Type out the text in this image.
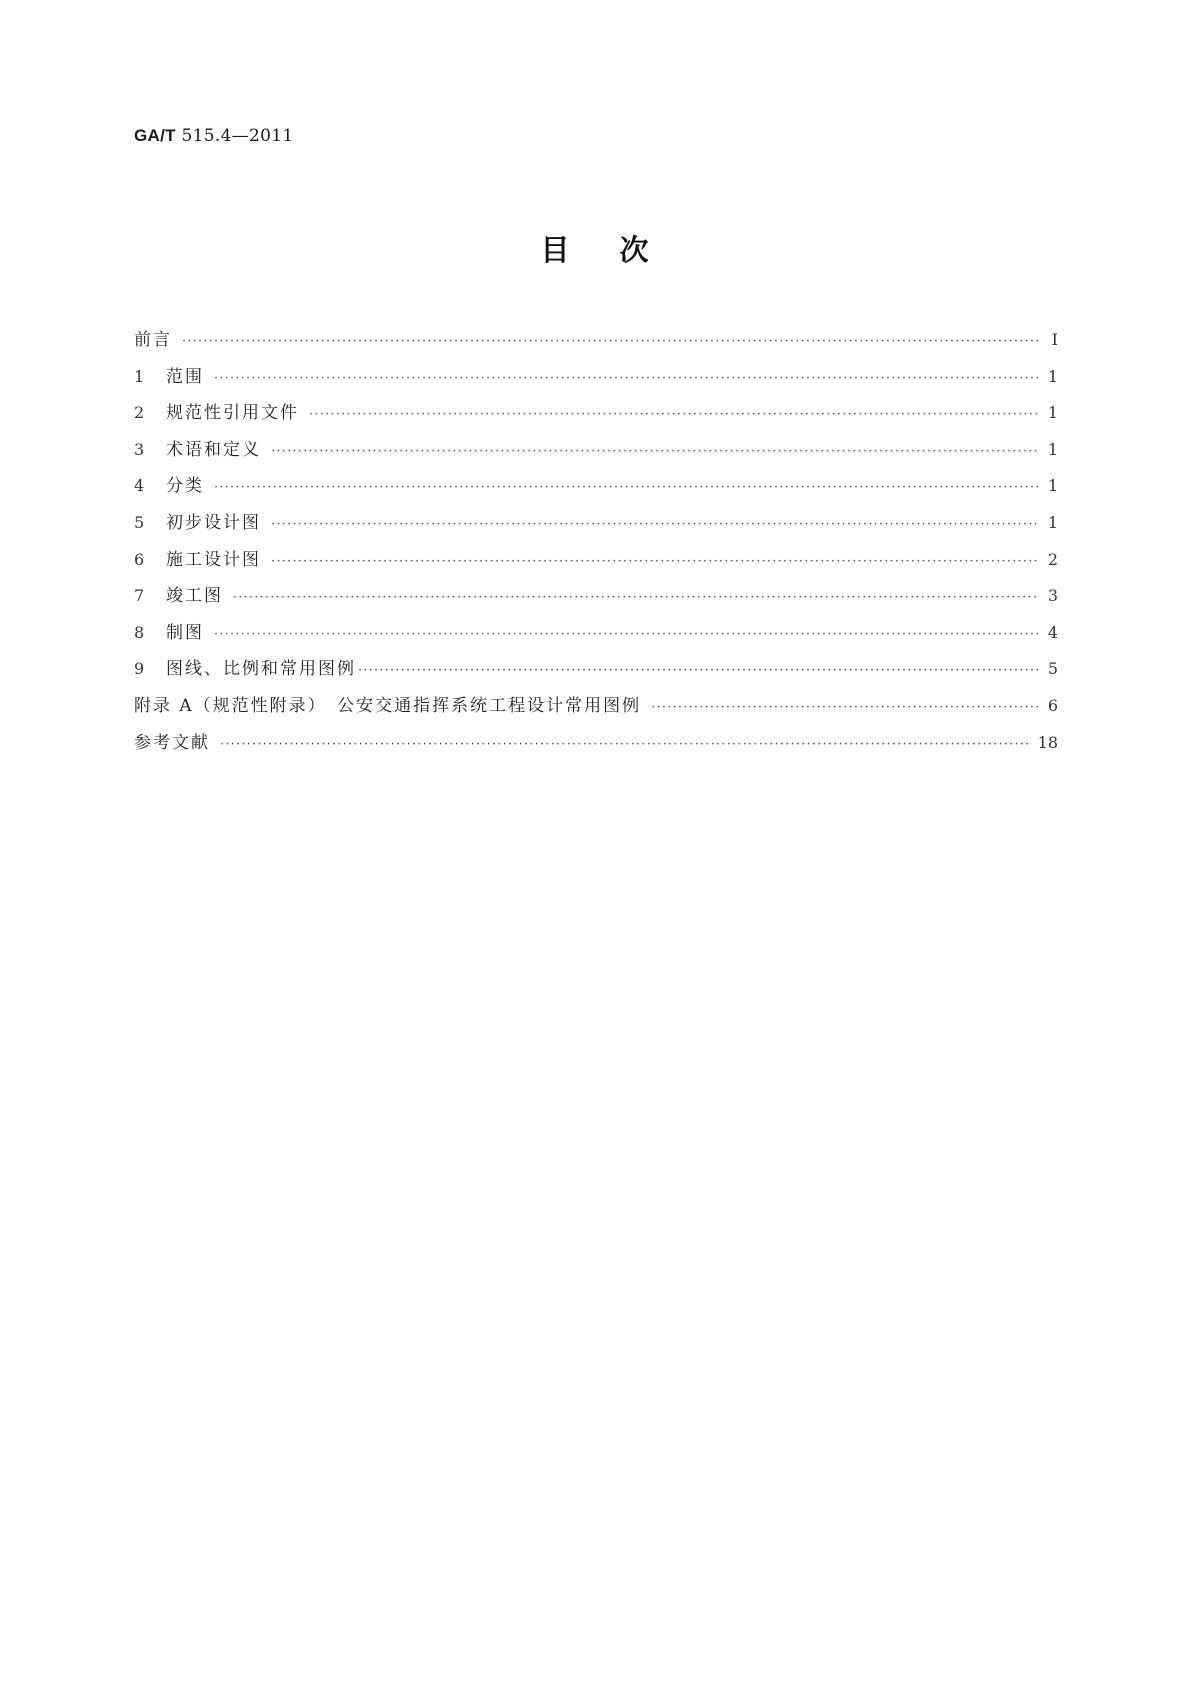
GA/T 515.4—2011
目 次
前言 ·····	Ⅰ
1	范围 ·····	1
2	规范性引用文件 ·····	1
3	术语和定义 ·····	1
4	分类 ·····	1
5	初步设计图 ·····	1
6	施工设计图 ·····	2
7	竣工图 ·····	3
8	制图 ·····	4
9	图线、比例和常用图例 ·····	5
附录 A（规范性附录）　公安交通指挥系统工程设计常用图例 ·····	6
参考文献 ·····	18
